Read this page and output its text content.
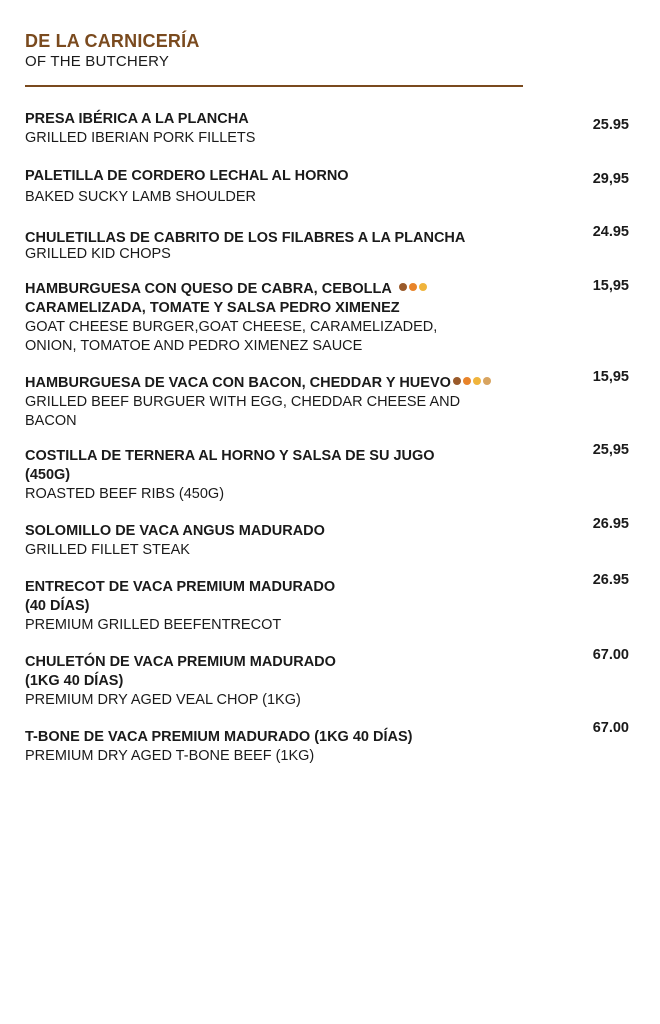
DE LA CARNICERÍA
OF THE BUTCHERY
PRESA IBÉRICA A LA PLANCHA
GRILLED IBERIAN PORK FILLETS
25.95
PALETILLA DE CORDERO LECHAL AL HORNO
BAKED SUCKY LAMB SHOULDER
29,95
CHULETILLAS DE CABRITO DE LOS FILABRES A LA PLANCHA
GRILLED KID CHOPS
24.95
HAMBURGUESA CON QUESO DE CABRA, CEBOLLA
CARAMELIZADA, TOMATE Y SALSA PEDRO XIMENEZ
GOAT CHEESE BURGER,GOAT CHEESE, CARAMELIZADED,
ONION, TOMATOE AND PEDRO XIMENEZ SAUCE
15,95
HAMBURGUESA DE VACA CON BACON, CHEDDAR Y HUEVO
GRILLED BEEF BURGUER WITH EGG, CHEDDAR CHEESE AND
BACON
15,95
COSTILLA DE TERNERA AL HORNO Y SALSA DE SU JUGO
(450G)
ROASTED BEEF RIBS (450G)
25,95
SOLOMILLO DE VACA ANGUS MADURADO
GRILLED FILLET STEAK
26.95
ENTRECOT DE VACA PREMIUM MADURADO
(40 DÍAS)
PREMIUM GRILLED BEEFENTRECOT
26.95
CHULETÓN DE VACA PREMIUM MADURADO
(1KG 40 DÍAS)
PREMIUM DRY AGED VEAL CHOP (1KG)
67.00
T-BONE DE VACA PREMIUM MADURADO (1KG 40 DÍAS)
PREMIUM DRY AGED T-BONE BEEF (1KG)
67.00
